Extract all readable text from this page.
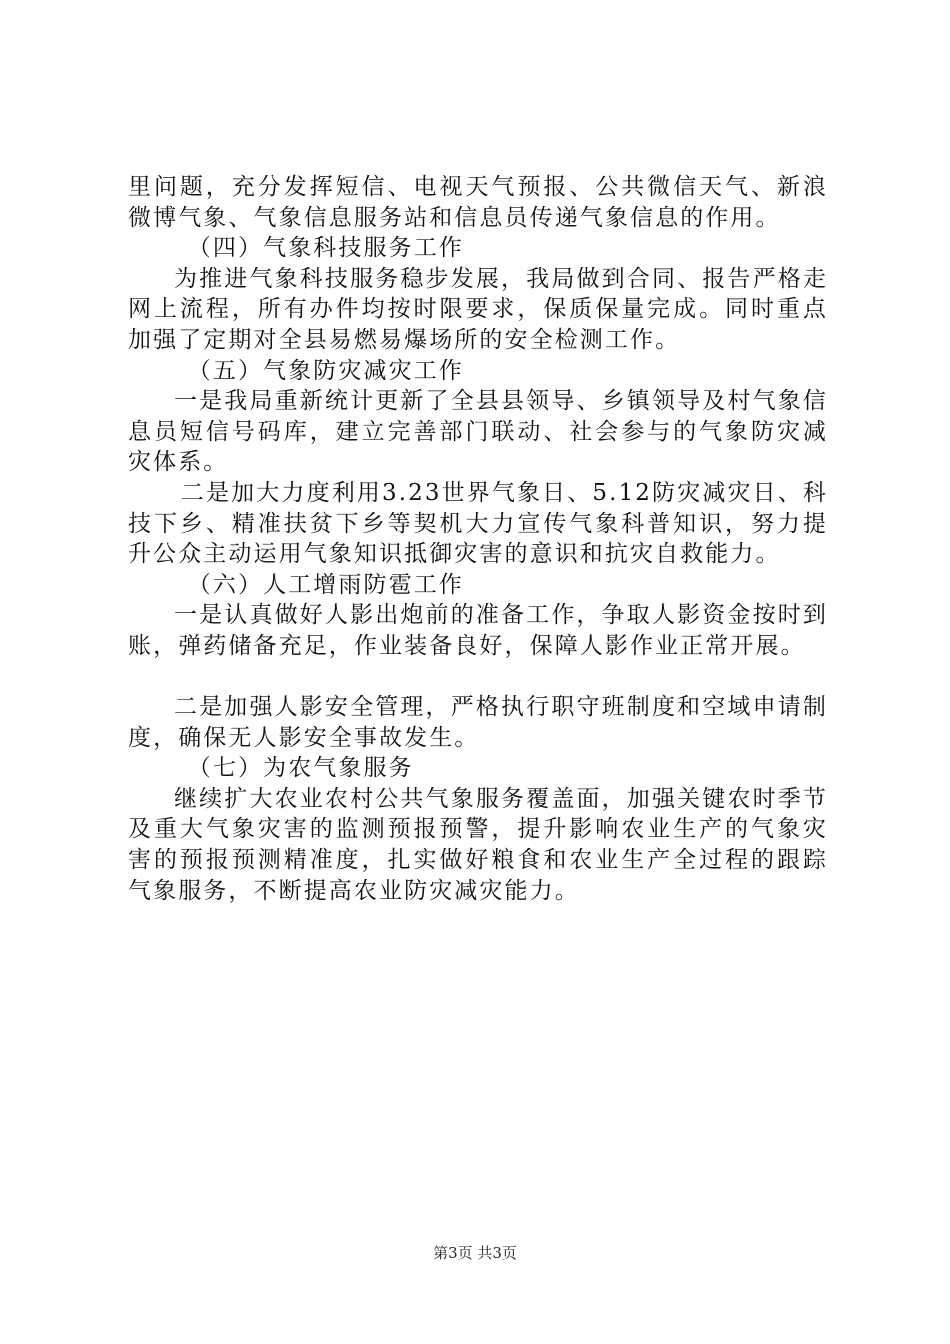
里问题，充分发挥短信、电视天气预报、公共微信天气、新浪微博气象、气象信息服务站和信息员传递气象信息的作用。

（四）气象科技服务工作

为推进气象科技服务稳步发展，我局做到合同、报告严格走网上流程，所有办件均按时限要求，保质保量完成。同时重点加强了定期对全县易燃易爆场所的安全检测工作。

（五）气象防灾减灾工作

一是我局重新统计更新了全县县领导、乡镇领导及村气象信息员短信号码库，建立完善部门联动、社会参与的气象防灾减灾体系。

二是加大力度利用3.23世界气象日、5.12防灾减灾日、科技下乡、精准扶贫下乡等契机大力宣传气象科普知识，努力提升公众主动运用气象知识抵御灾害的意识和抗灾自救能力。

（六）人工增雨防雹工作

一是认真做好人影出炮前的准备工作，争取人影资金按时到账，弹药储备充足，作业装备良好，保障人影作业正常开展。

二是加强人影安全管理，严格执行职守班制度和空域申请制度，确保无人影安全事故发生。

（七）为农气象服务

继续扩大农业农村公共气象服务覆盖面，加强关键农时季节及重大气象灾害的监测预报预警，提升影响农业生产的气象灾害的预报预测精准度，扎实做好粮食和农业生产全过程的跟踪气象服务，不断提高农业防灾减灾能力。

第3页 共3页
